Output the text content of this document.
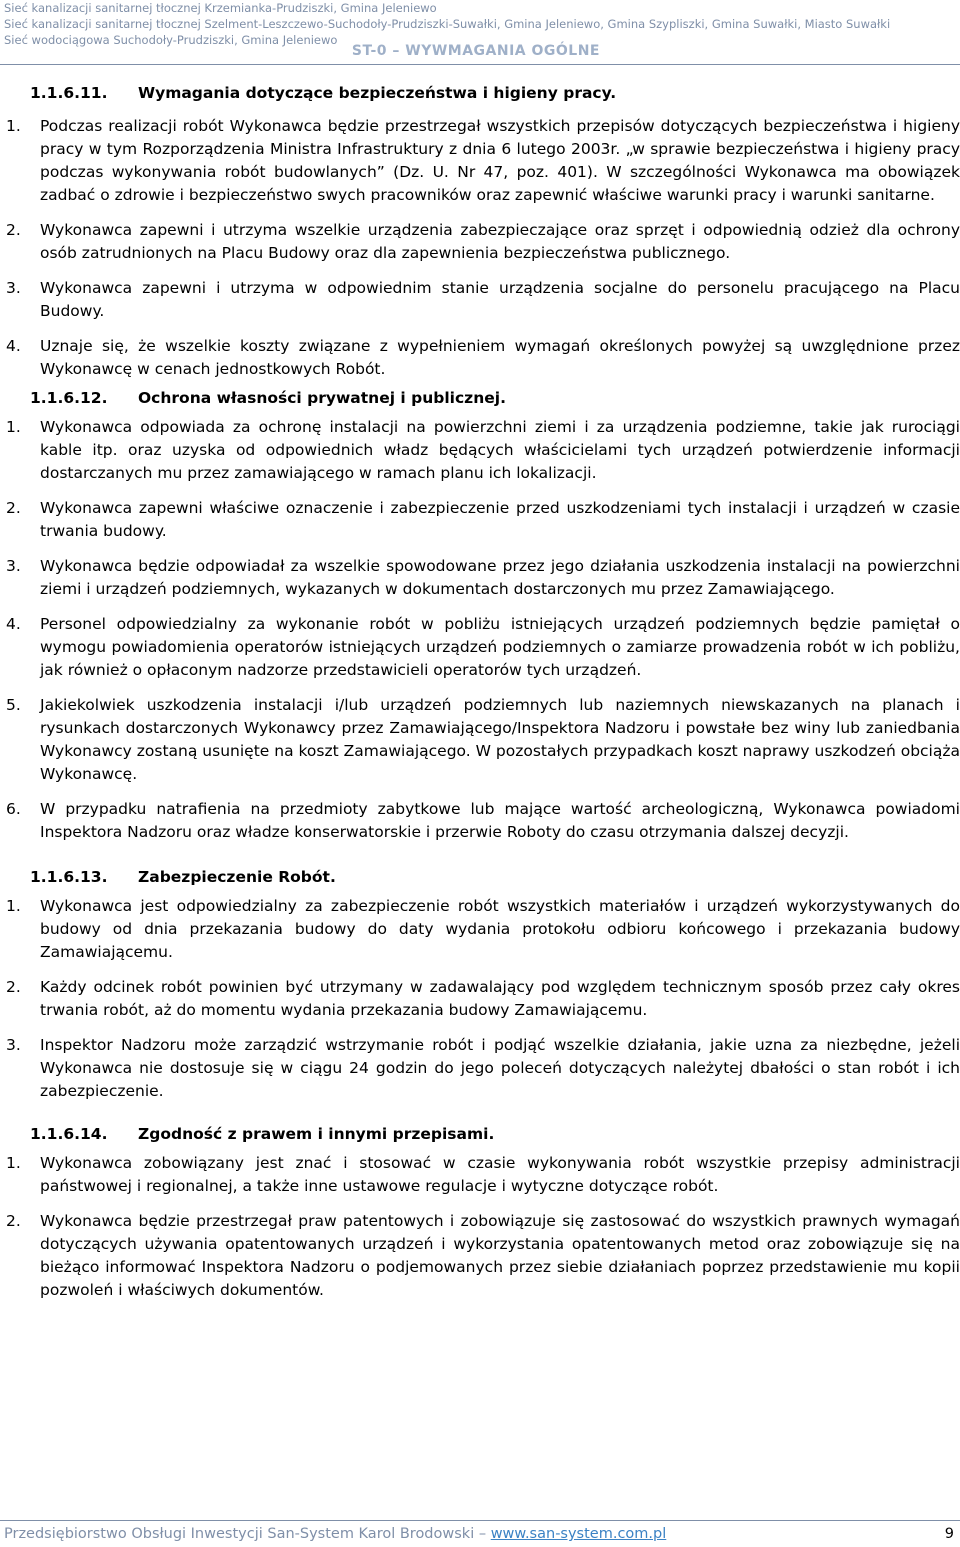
Sieć kanalizacji sanitarnej tłocznej Krzemianka-Prudziszki, Gmina Jeleniewo
Sieć kanalizacji sanitarnej tłocznej Szelment-Leszczewo-Suchodoły-Prudziszki-Suwałki, Gmina Jeleniewo, Gmina Szypliszki, Gmina Suwałki, Miasto Suwałki
Sieć wodociągowa Suchodoły-Prudziszki, Gmina Jeleniewo
ST-0 – WYWMAGANIA OGÓLNE
1.1.6.11.	Wymagania dotyczące bezpieczeństwa i higieny pracy.
1.	Podczas realizacji robót Wykonawca będzie przestrzegał wszystkich przepisów dotyczących bezpieczeństwa i higieny pracy w tym Rozporządzenia Ministra Infrastruktury z dnia 6 lutego 2003r. „w sprawie bezpieczeństwa i higieny pracy podczas wykonywania robót budowlanych” (Dz. U. Nr 47, poz. 401). W szczególności Wykonawca ma obowiązek zadbać o zdrowie i bezpieczeństwo swych pracowników oraz zapewnić właściwe warunki pracy i warunki sanitarne.
2.	Wykonawca zapewni i utrzyma wszelkie urządzenia zabezpieczające oraz sprzęt i odpowiednią odzież dla ochrony osób zatrudnionych na Placu Budowy oraz dla zapewnienia bezpieczeństwa publicznego.
3.	Wykonawca zapewni i utrzyma w odpowiednim stanie urządzenia socjalne do personelu pracującego na Placu Budowy.
4.	Uznaje się, że wszelkie koszty związane z wypełnieniem wymagań określonych powyżej są uwzględnione przez Wykonawcę w cenach jednostkowych Robót.
1.1.6.12.	Ochrona własności prywatnej i publicznej.
1.	Wykonawca odpowiada za ochronę instalacji na powierzchni ziemi i za urządzenia podziemne, takie jak rurociągi kable itp. oraz uzyska od odpowiednich władz będących właścicielami tych urządzeń potwierdzenie informacji dostarczanych mu przez zamawiającego w ramach planu ich lokalizacji.
2.	Wykonawca zapewni właściwe oznaczenie i zabezpieczenie przed uszkodzeniami tych instalacji i urządzeń w czasie trwania budowy.
3.	Wykonawca będzie odpowiadał za wszelkie spowodowane przez jego działania uszkodzenia instalacji na powierzchni ziemi i urządzeń podziemnych, wykazanych w dokumentach dostarczonych mu przez Zamawiającego.
4.	Personel odpowiedzialny za wykonanie robót w pobliżu istniejących urządzeń podziemnych będzie pamiętał o wymogu powiadomienia operatorów istniejących urządzeń podziemnych o zamiarze prowadzenia robót w ich pobliżu, jak również o opłaconym nadzorze przedstawicieli operatorów tych urządzeń.
5.	Jakiekolwiek uszkodzenia instalacji i/lub urządzeń podziemnych lub naziemnych niewskazanych na planach i rysunkach dostarczonych Wykonawcy przez Zamawiającego/Inspektora Nadzoru i powstałe bez winy lub zaniedbania Wykonawcy zostaną usunięte na koszt Zamawiającego. W pozostałych przypadkach koszt naprawy uszkodzeń obciąża Wykonawcę.
6.	W przypadku natrafienia na przedmioty zabytkowe lub mające wartość archeologiczną, Wykonawca powiadomi Inspektora Nadzoru oraz władze konserwatorskie i przerwie Roboty do czasu otrzymania dalszej decyzji.
1.1.6.13.	Zabezpieczenie Robót.
1.	Wykonawca jest odpowiedzialny za zabezpieczenie robót wszystkich materiałów i urządzeń wykorzystywanych do budowy od dnia przekazania budowy do daty wydania protokołu odbioru końcowego i przekazania budowy Zamawiającemu.
2.	Każdy odcinek robót powinien być utrzymany w zadawalający pod względem technicznym sposób przez cały okres trwania robót, aż do momentu wydania przekazania budowy Zamawiającemu.
3.	Inspektor Nadzoru może zarządzić wstrzymanie robót i podjąć wszelkie działania, jakie uzna za niezbędne, jeżeli Wykonawca nie dostosuje się w ciągu 24 godzin do jego poleceń dotyczących należytej dbałości o stan robót i ich zabezpieczenie.
1.1.6.14.	Zgodność z prawem i innymi przepisami.
1.	Wykonawca zobowiązany jest znać i stosować w czasie wykonywania robót wszystkie przepisy administracji państwowej i regionalnej, a także inne ustawowe regulacje i wytyczne dotyczące robót.
2.	Wykonawca będzie przestrzegał praw patentowych i zobowiązuje się zastosować do wszystkich prawnych wymagań dotyczących używania opatentowanych urządzeń i wykorzystania opatentowanych metod oraz zobowiązuje się na bieżąco informować Inspektora Nadzoru o podjemowanych przez siebie działaniach poprzez przedstawienie mu kopii pozwoleń i właściwych dokumentów.
Przedsiębiorstwo Obsługi Inwestycji San-System Karol Brodowski – www.san-system.com.pl	9
